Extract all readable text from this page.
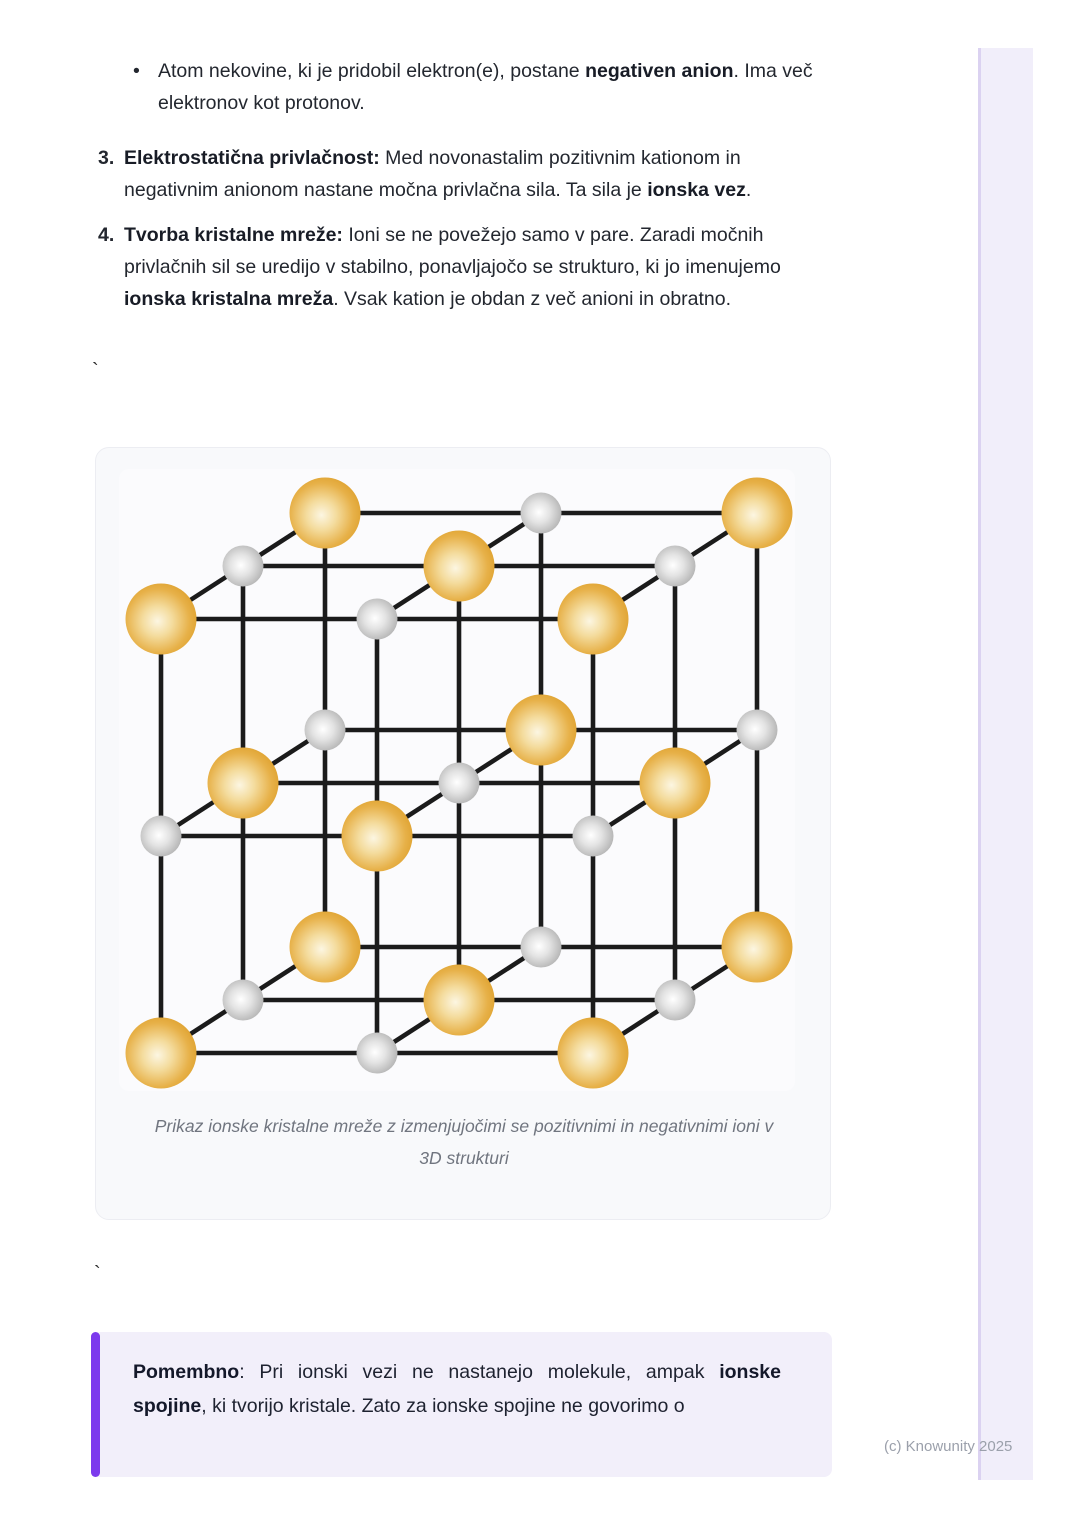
• Atom nekovine, ki je pridobil elektron(e), postane negativen anion. Ima več elektronov kot protonov.
3. Elektrostatična privlačnost: Med novonastalim pozitivnim kationom in negativnim anionom nastane močna privlačna sila. Ta sila je ionska vez.
4. Tvorba kristalne mreže: Ioni se ne povežejo samo v pare. Zaradi močnih privlačnih sil se uredijo v stabilno, ponavljajočo se strukturo, ki jo imenujemo ionska kristalna mreža. Vsak kation je obdan z več anioni in obratno.
`
Prikaz ionske kristalne mreže z izmenjujočimi se pozitivnimi in negativnimi ioni v 3D strukturi
`

Pomembno: Pri ionski vezi ne nastanejo molekule, ampak ionske spojine, ki tvorijo kristale. Zato za ionske spojine ne govorimo o

(c) Knowunity 2025
